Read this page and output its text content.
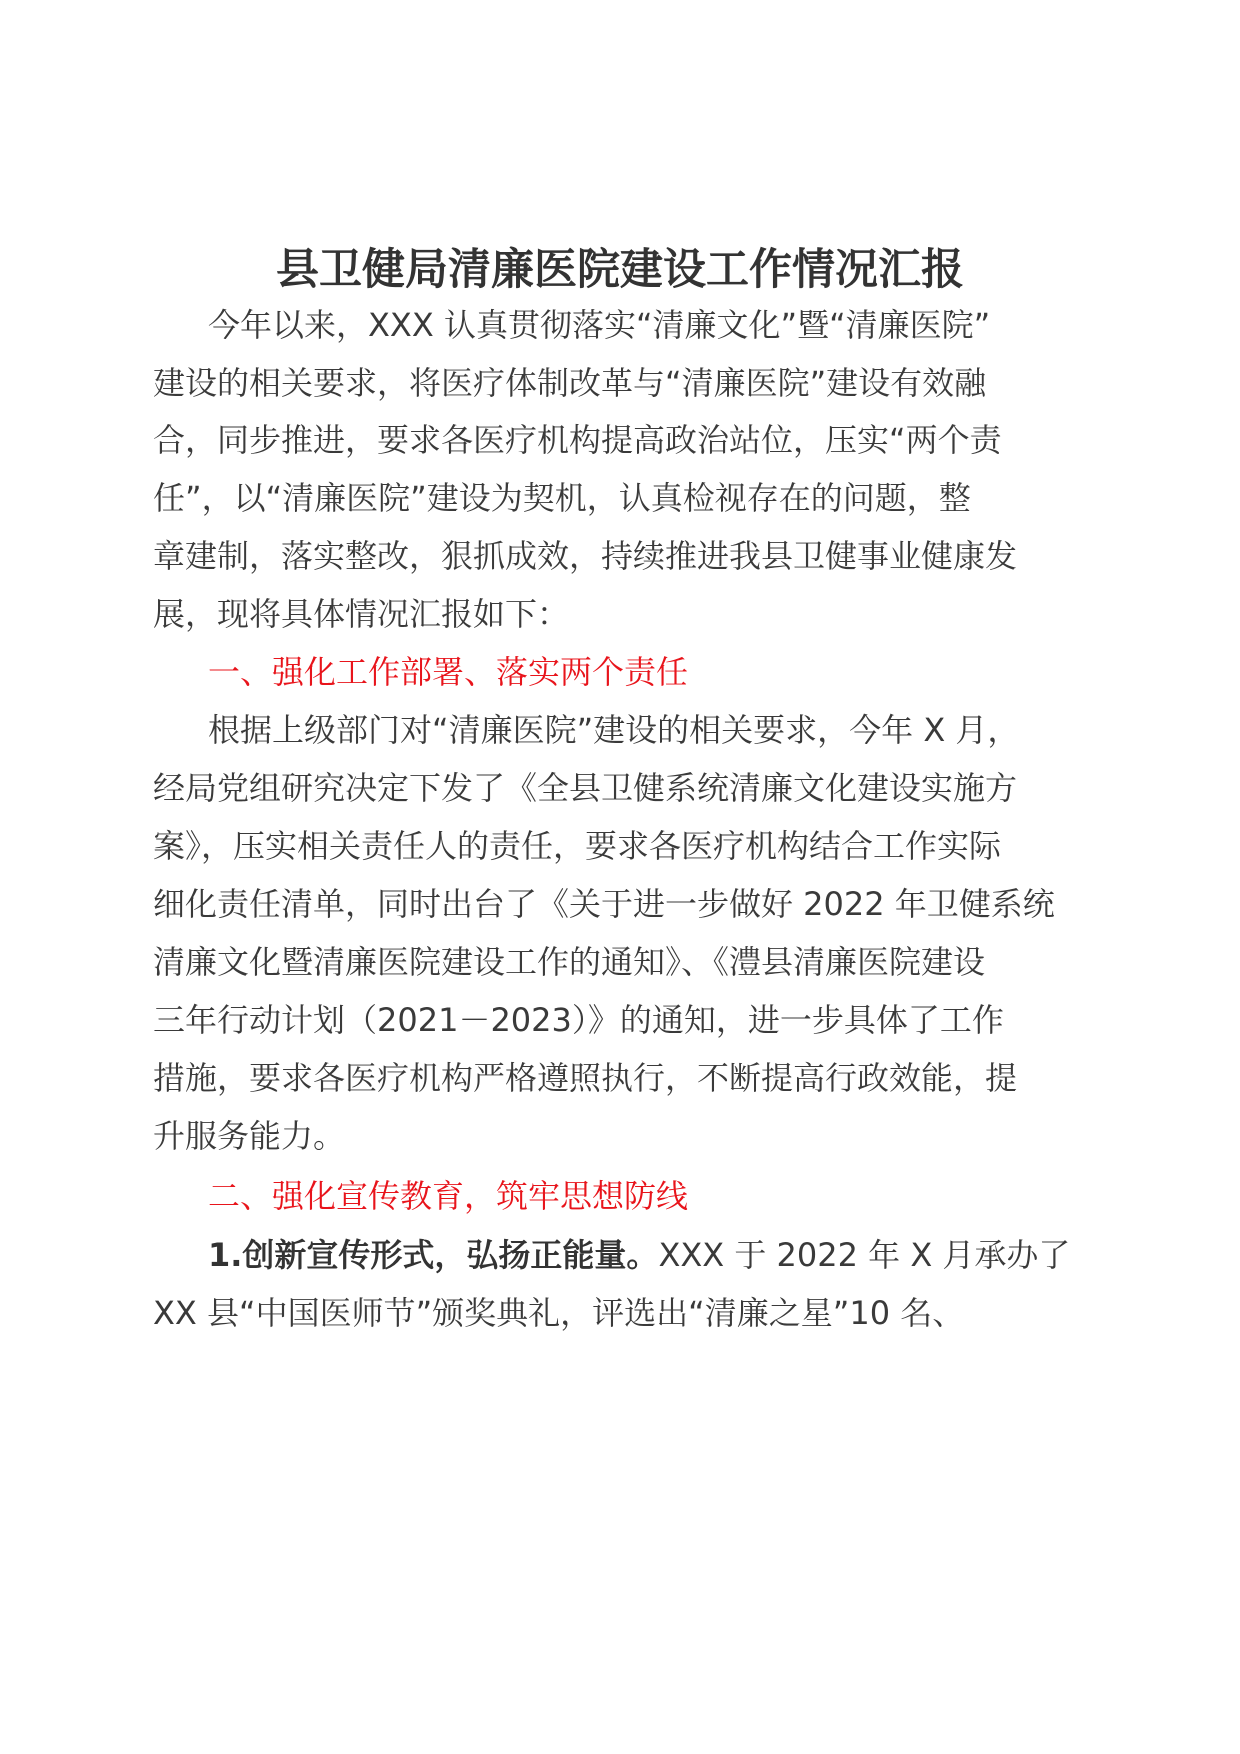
县卫健局清廉医院建设工作情况汇报
今年以来，XXX 认真贯彻落实“清廉文化”暨“清廉医院”
建设的相关要求，将医疗体制改革与“清廉医院”建设有效融
合，同步推进，要求各医疗机构提高政治站位，压实“两个责
任”，以“清廉医院”建设为契机，认真检视存在的问题，整
章建制，落实整改，狠抓成效，持续推进我县卫健事业健康发
展，现将具体情况汇报如下：
一、强化工作部署、落实两个责任
根据上级部门对“清廉医院”建设的相关要求，今年 X 月，
经局党组研究决定下发了《全县卫健系统清廉文化建设实施方
案》，压实相关责任人的责任，要求各医疗机构结合工作实际
细化责任清单，同时出台了《关于进一步做好 2022 年卫健系统
清廉文化暨清廉医院建设工作的通知》、《澧县清廉医院建设
三年行动计划（2021－2023）》的通知，进一步具体了工作
措施，要求各医疗机构严格遵照执行，不断提高行政效能，提
升服务能力。
二、强化宣传教育，筑牢思想防线
1.创新宣传形式，弘扬正能量。XXX 于 2022 年 X 月承办了
XX 县“中国医师节”颁奖典礼，评选出“清廉之星”10 名、
